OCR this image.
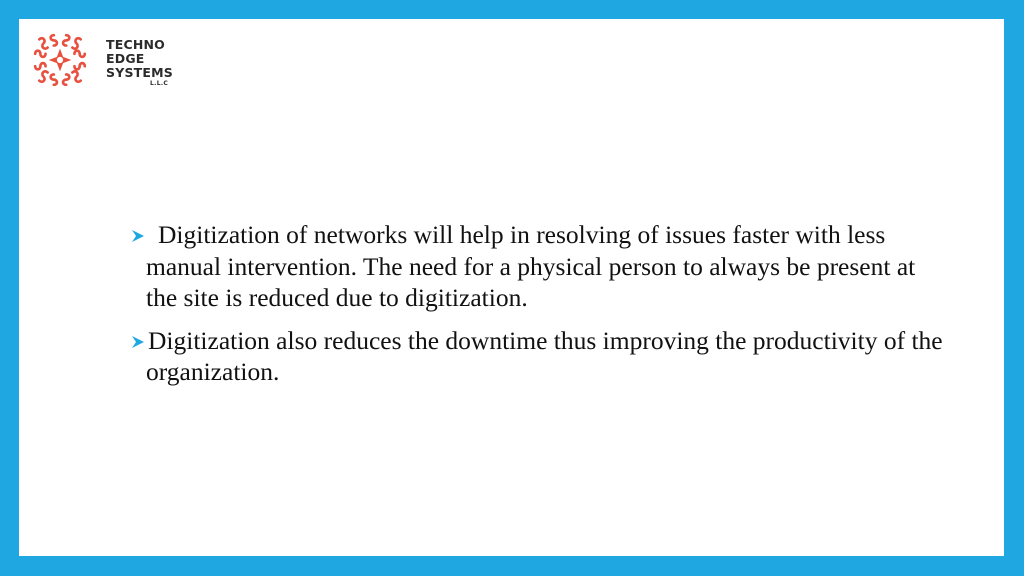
TECHNO
EDGE
SYSTEMS
L.L.C
Digitization of networks will help in resolving of issues faster with less manual intervention. The need for a physical person to always be present at the site is reduced due to digitization.
Digitization also reduces the downtime thus improving the productivity of the organization.
